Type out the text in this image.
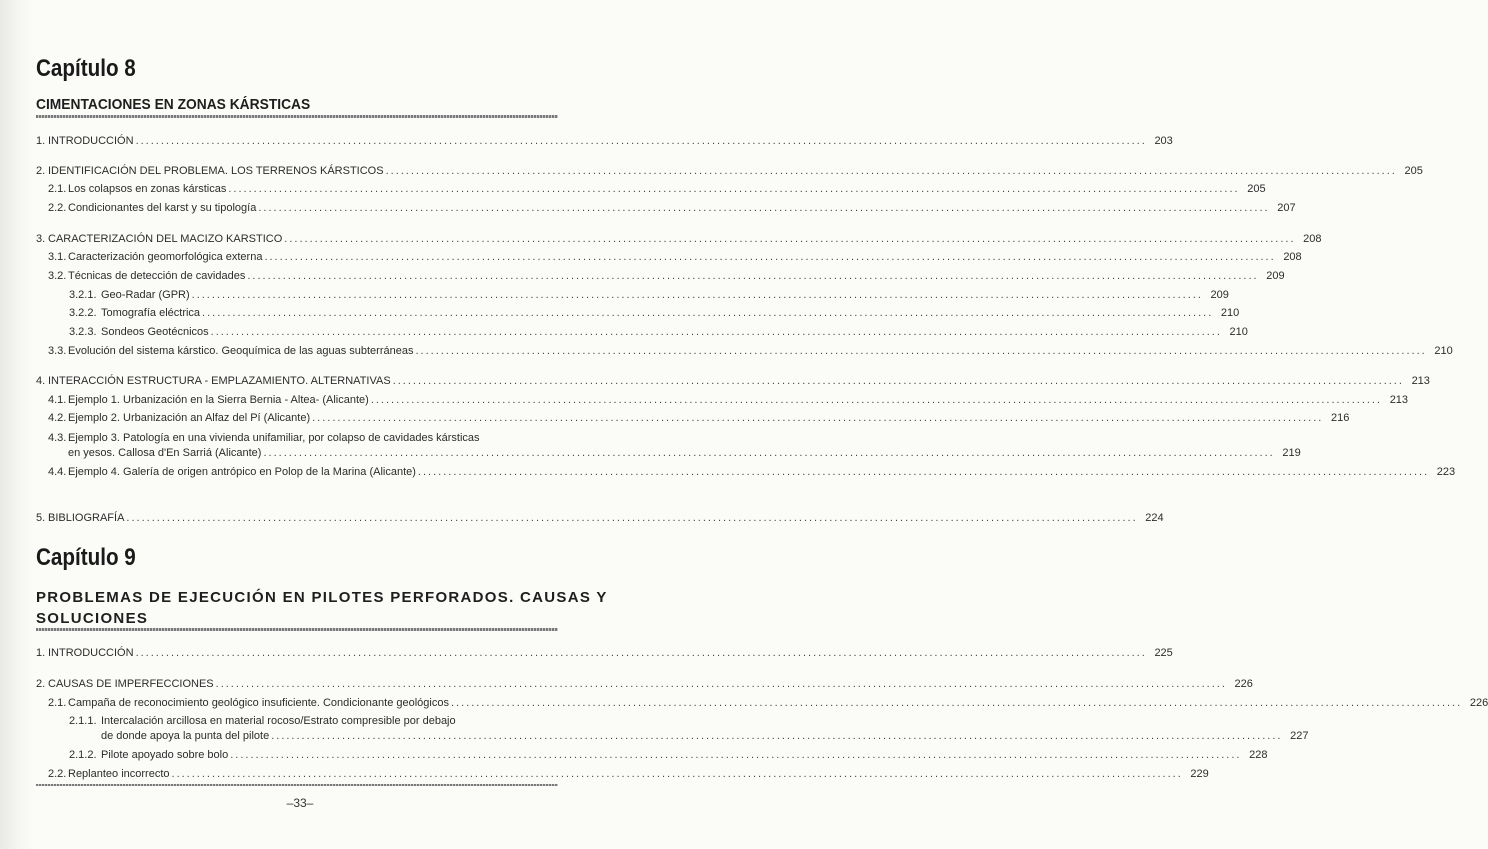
Capítulo 8
CIMENTACIONES EN ZONAS KÁRSTICAS
1. INTRODUCCIÓN ........................................................................................................................................................................................................ 203
2. IDENTIFICACIÓN DEL PROBLEMA. LOS TERRENOS KÁRSTICOS ........................................................................................................................................................................................................ 205
2.1. Los colapsos en zonas kársticas ........................................................................................................................................................................................................ 205
2.2. Condicionantes del karst y su tipología ........................................................................................................................................................................................................ 207
3. CARACTERIZACIÓN DEL MACIZO KARSTICO ........................................................................................................................................................................................................ 208
3.1. Caracterización geomorfológica externa ........................................................................................................................................................................................................ 208
3.2. Técnicas de detección de cavidades ........................................................................................................................................................................................................ 209
3.2.1. Geo-Radar (GPR) ........................................................................................................................................................................................................ 209
3.2.2. Tomografía eléctrica ........................................................................................................................................................................................................ 210
3.2.3. Sondeos Geotécnicos ........................................................................................................................................................................................................ 210
3.3. Evolución del sistema kárstico. Geoquímica de las aguas subterráneas ........................................................................................................................................................................................................ 210
4. INTERACCIÓN ESTRUCTURA - EMPLAZAMIENTO. ALTERNATIVAS ........................................................................................................................................................................................................ 213
4.1. Ejemplo 1. Urbanización en la Sierra Bernia - Altea- (Alicante) ........................................................................................................................................................................................................ 213
4.2. Ejemplo 2. Urbanización an Alfaz del Pí (Alicante) ........................................................................................................................................................................................................ 216
4.3. Ejemplo 3. Patología en una vivienda unifamiliar, por colapso de cavidades kársticas
en yesos. Callosa d'En Sarriá (Alicante) ........................................................................................................................................................................................................ 219
4.4. Ejemplo 4. Galería de origen antrópico en Polop de la Marina (Alicante) ........................................................................................................................................................................................................ 223
5. BIBLIOGRAFÍA ........................................................................................................................................................................................................ 224
Capítulo 9
PROBLEMAS DE EJECUCIÓN EN PILOTES PERFORADOS. CAUSAS Y
SOLUCIONES
1. INTRODUCCIÓN ........................................................................................................................................................................................................ 225
2. CAUSAS DE IMPERFECCIONES ........................................................................................................................................................................................................ 226
2.1. Campaña de reconocimiento geológico insuficiente. Condicionante geológicos ........................................................................................................................................................................................................ 226
2.1.1. Intercalación arcillosa en material rocoso/Estrato compresible por debajo
de donde apoya la punta del pilote ........................................................................................................................................................................................................ 227
2.1.2. Pilote apoyado sobre bolo ........................................................................................................................................................................................................ 228
2.2. Replanteo incorrecto ........................................................................................................................................................................................................ 229
–33–
